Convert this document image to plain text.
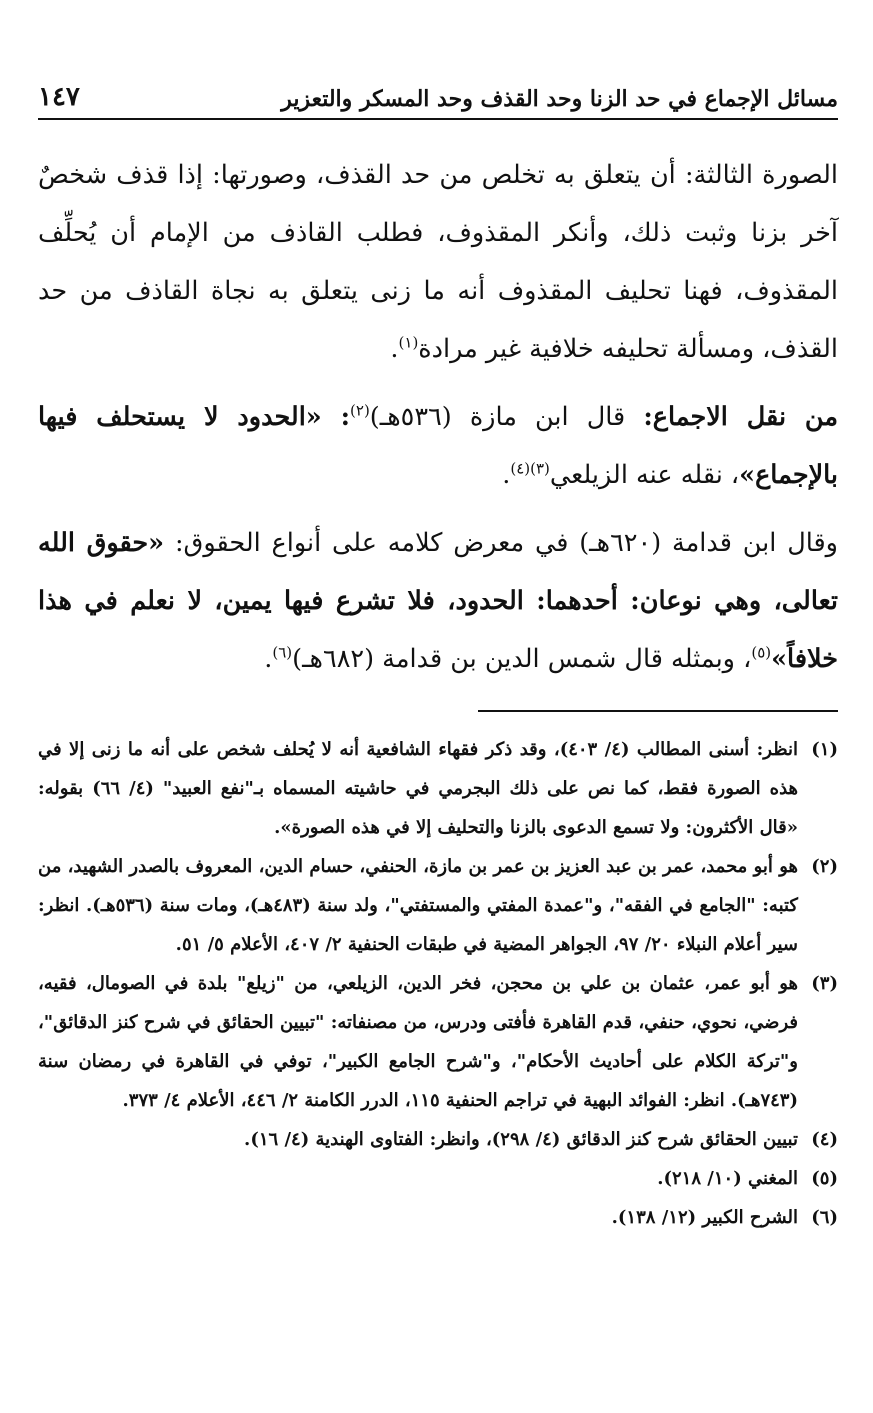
مسائل الإجماع في حد الزنا وحد القذف وحد المسكر والتعزير
١٤٧

الصورة الثالثة: أن يتعلق به تخلص من حد القذف، وصورتها: إذا قذف شخصٌ آخر بزنا وثبت ذلك، وأنكر المقذوف، فطلب القاذف من الإمام أن يُحلِّف المقذوف، فهنا تحليف المقذوف أنه ما زنى يتعلق به نجاة القاذف من حد القذف، ومسألة تحليفه خلافية غير مرادة$^{(١)}$.

من نقل الاجماع: قال ابن مازة (٥٣٦هـ)$^{(٢)}$: «الحدود لا يستحلف فيها بالإجماع»، نقله عنه الزيلعي$^{(٣)(٤)}$.

وقال ابن قدامة (٦٢٠هـ) في معرض كلامه على أنواع الحقوق: «حقوق الله تعالى، وهي نوعان: أحدهما: الحدود، فلا تشرع فيها يمين، لا نعلم في هذا خلافاً»$^{(٥)}$، وبمثله قال شمس الدين بن قدامة (٦٨٢هـ)$^{(٦)}$.

(١)
انظر: أسنى المطالب (٤/ ٤٠٣)، وقد ذكر فقهاء الشافعية أنه لا يُحلف شخص على أنه ما زنى إلا في هذه الصورة فقط، كما نص على ذلك البجرمي في حاشيته المسماه بـ"نفع العبيد" (٤/ ٦٦) بقوله: «قال الأكثرون: ولا تسمع الدعوى بالزنا والتحليف إلا في هذه الصورة».
(٢)
هو أبو محمد، عمر بن عبد العزيز بن عمر بن مازة، الحنفي، حسام الدين، المعروف بالصدر الشهيد، من كتبه: "الجامع في الفقه"، و"عمدة المفتي والمستفتي"، ولد سنة (٤٨٣هـ)، ومات سنة (٥٣٦هـ). انظر: سير أعلام النبلاء ٢٠/ ٩٧، الجواهر المضية في طبقات الحنفية ٢/ ٤٠٧، الأعلام ٥/ ٥١.
(٣)
هو أبو عمر، عثمان بن علي بن محجن، فخر الدين، الزيلعي، من "زيلع" بلدة في الصومال، فقيه، فرضي، نحوي، حنفي، قدم القاهرة فأفتى ودرس، من مصنفاته: "تبيين الحقائق في شرح كنز الدقائق"، و"تركة الكلام على أحاديث الأحكام"، و"شرح الجامع الكبير"، توفي في القاهرة في رمضان سنة (٧٤٣هـ). انظر: الفوائد البهية في تراجم الحنفية ١١٥، الدرر الكامنة ٢/ ٤٤٦، الأعلام ٤/ ٣٧٣.
(٤)
تبيين الحقائق شرح كنز الدقائق (٤/ ٢٩٨)، وانظر: الفتاوى الهندية (٤/ ١٦).
(٥)
المغني (١٠/ ٢١٨).
(٦)
الشرح الكبير (١٢/ ١٣٨).
